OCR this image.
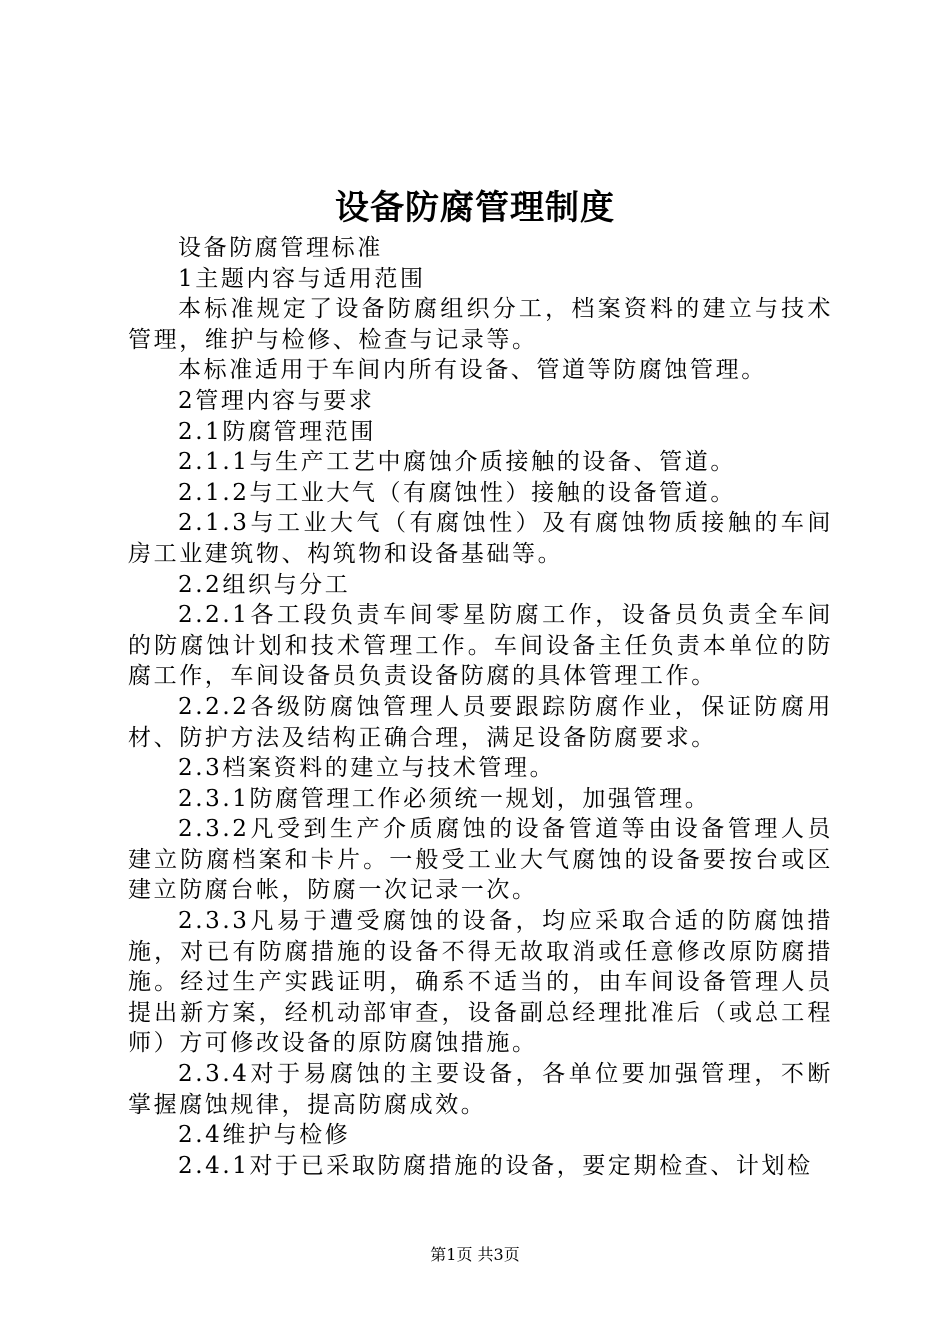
设备防腐管理制度

设备防腐管理标准

1主题内容与适用范围

本标准规定了设备防腐组织分工，档案资料的建立与技术管理，维护与检修、检查与记录等。

本标准适用于车间内所有设备、管道等防腐蚀管理。

2管理内容与要求

2.1防腐管理范围

2.1.1与生产工艺中腐蚀介质接触的设备、管道。

2.1.2与工业大气（有腐蚀性）接触的设备管道。

2.1.3与工业大气（有腐蚀性）及有腐蚀物质接触的车间房工业建筑物、构筑物和设备基础等。

2.2组织与分工

2.2.1各工段负责车间零星防腐工作，设备员负责全车间的防腐蚀计划和技术管理工作。车间设备主任负责本单位的防腐工作，车间设备员负责设备防腐的具体管理工作。

2.2.2各级防腐蚀管理人员要跟踪防腐作业，保证防腐用材、防护方法及结构正确合理，满足设备防腐要求。

2.3档案资料的建立与技术管理。

2.3.1防腐管理工作必须统一规划，加强管理。

2.3.2凡受到生产介质腐蚀的设备管道等由设备管理人员建立防腐档案和卡片。一般受工业大气腐蚀的设备要按台或区建立防腐台帐，防腐一次记录一次。

2.3.3凡易于遭受腐蚀的设备，均应采取合适的防腐蚀措施，对已有防腐措施的设备不得无故取消或任意修改原防腐措施。经过生产实践证明，确系不适当的，由车间设备管理人员提出新方案，经机动部审查，设备副总经理批准后（或总工程师）方可修改设备的原防腐蚀措施。

2.3.4对于易腐蚀的主要设备，各单位要加强管理，不断掌握腐蚀规律，提高防腐成效。

2.4维护与检修

2.4.1对于已采取防腐措施的设备，要定期检查、计划检

第1页 共3页
